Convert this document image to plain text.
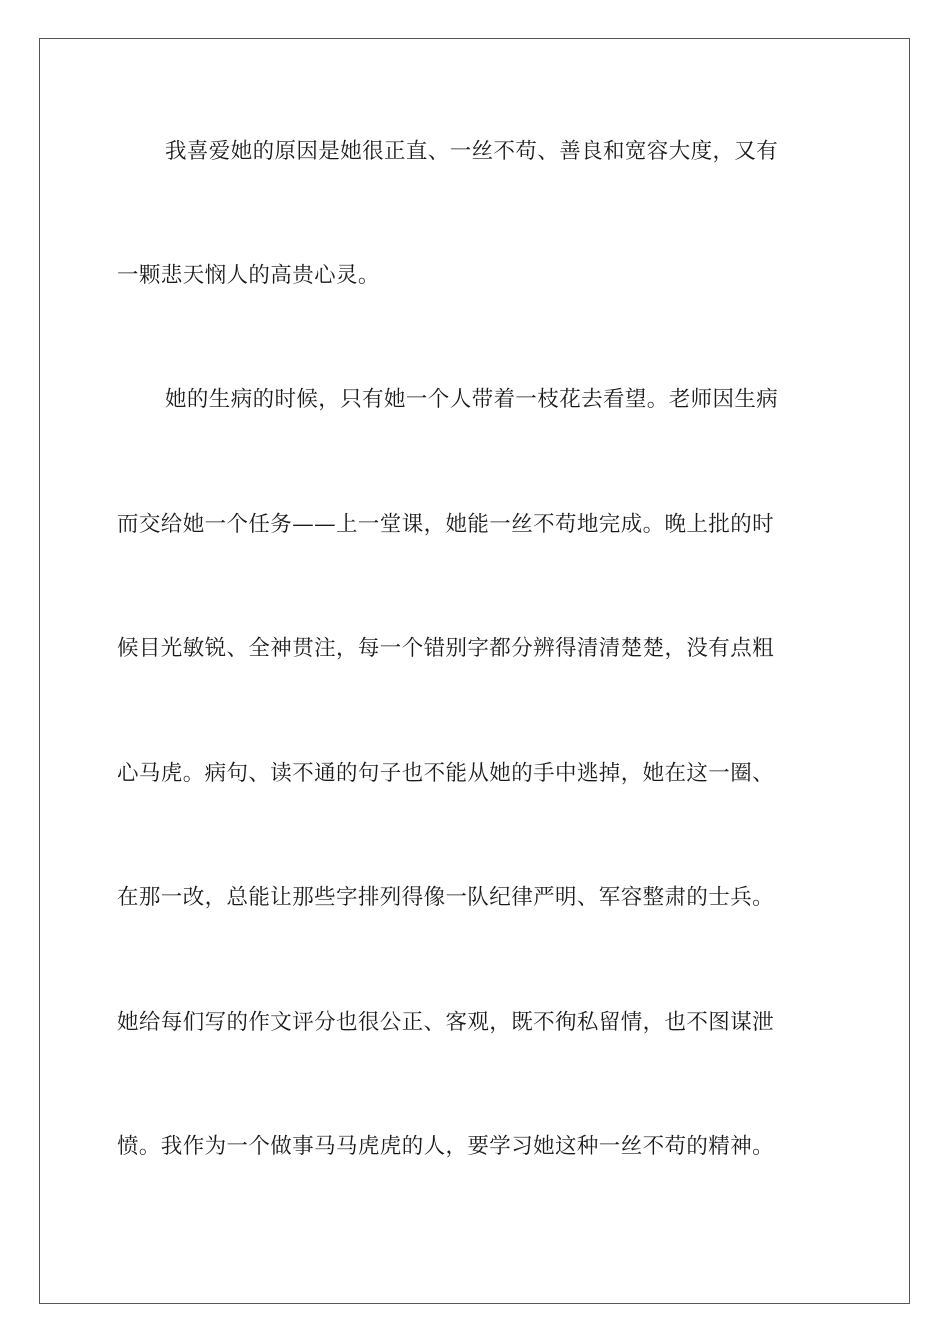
我喜爱她的原因是她很正直、一丝不苟、善良和宽容大度，又有
一颗悲天悯人的高贵心灵。
她的生病的时候，只有她一个人带着一枝花去看望。老师因生病
而交给她一个任务——上一堂课，她能一丝不苟地完成。晚上批的时
候目光敏锐、全神贯注，每一个错别字都分辨得清清楚楚，没有点粗
心马虎。病句、读不通的句子也不能从她的手中逃掉，她在这一圈、
在那一改，总能让那些字排列得像一队纪律严明、军容整肃的士兵。
她给每们写的作文评分也很公正、客观，既不徇私留情，也不图谋泄
愤。我作为一个做事马马虎虎的人，要学习她这种一丝不苟的精神。
